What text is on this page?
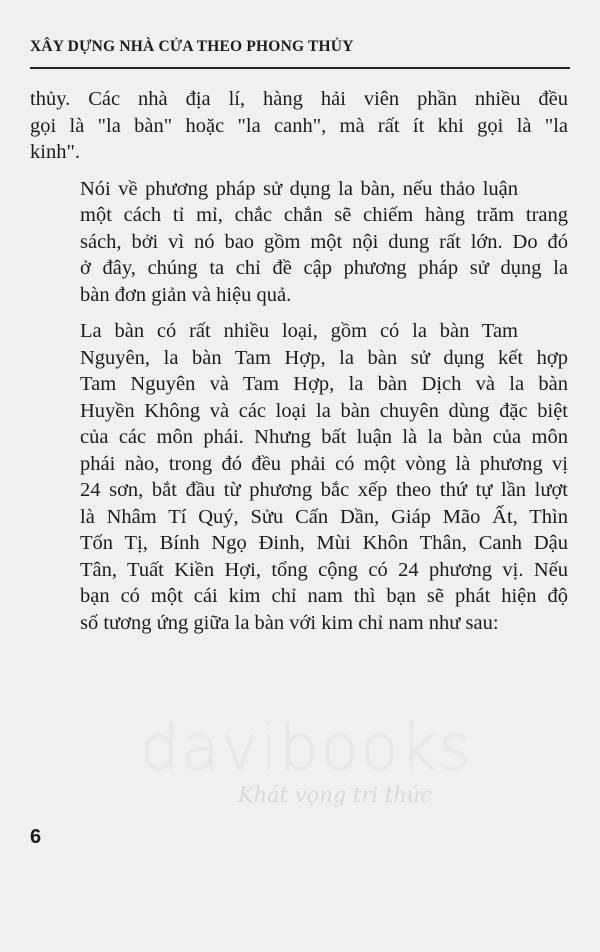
XÂY DỰNG NHÀ CỬA THEO PHONG THỦY

thủy. Các nhà địa lí, hàng hải viên phần nhiều đều
gọi là "la bàn" hoặc "la canh", mà rất ít khi gọi là "la
kinh".

Nói về phương pháp sử dụng la bàn, nếu thảo luận

một cách tỉ mỉ, chắc chắn sẽ chiếm hàng trăm trang
sách, bởi vì nó bao gồm một nội dung rất lớn. Do đó
ở đây, chúng ta chỉ đề cập phương pháp sử dụng la
bàn đơn giản và hiệu quả.

La bàn có rất nhiều loại, gồm có la bàn Tam

Nguyên, la bàn Tam Hợp, la bàn sử dụng kết hợp
Tam Nguyên và Tam Hợp, la bàn Dịch và la bàn
Huyền Không và các loại la bàn chuyên dùng đặc biệt
của các môn phái. Nhưng bất luận là la bàn của môn
phái nào, trong đó đều phải có một vòng là phương vị
24 sơn, bắt đầu từ phương bắc xếp theo thứ tự lần lượt
là Nhâm Tí Quý, Sửu Cấn Dần, Giáp Mão Ất, Thìn
Tốn Tị, Bính Ngọ Đinh, Mùi Khôn Thân, Canh Dậu
Tân, Tuất Kiền Hợi, tổng cộng có 24 phương vị. Nếu
bạn có một cái kim chỉ nam thì bạn sẽ phát hiện độ
số tương ứng giữa la bàn với kim chỉ nam như sau:

davibooks
Khát vọng tri thức
6
